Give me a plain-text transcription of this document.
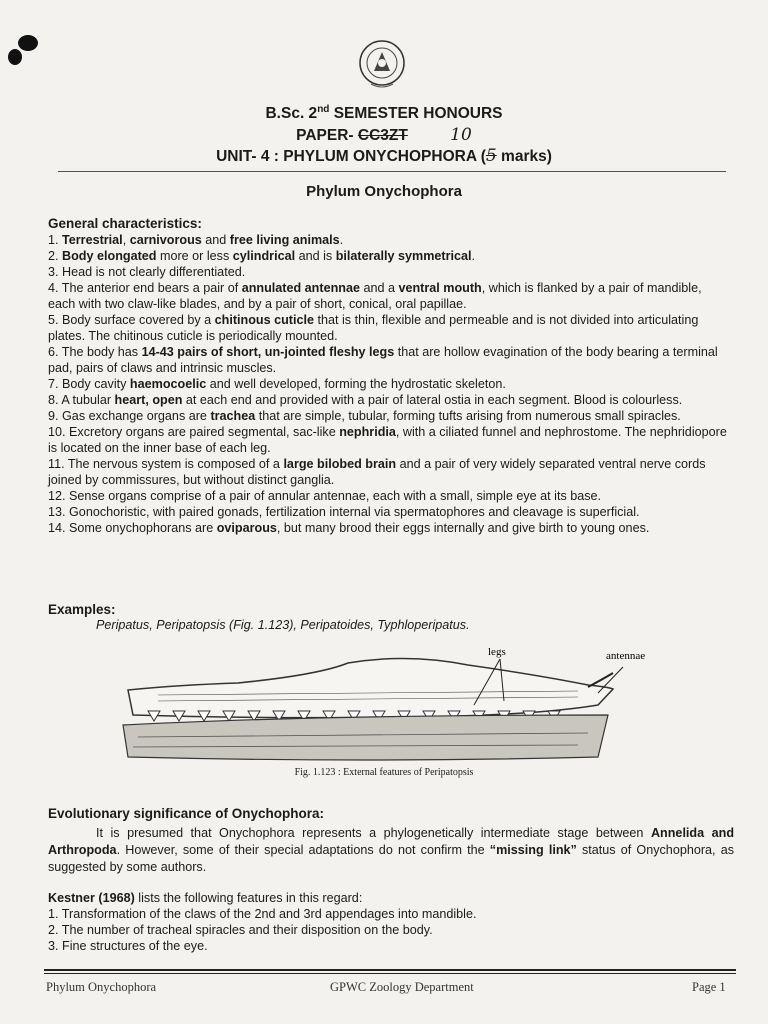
B.Sc. 2nd SEMESTER HONOURS
PAPER- CC3ZT 10
UNIT- 4 : PHYLUM ONYCHOPHORA (5 marks)
Phylum Onychophora
General characteristics:
1. Terrestrial, carnivorous and free living animals.
2. Body elongated more or less cylindrical and is bilaterally symmetrical.
3. Head is not clearly differentiated.
4. The anterior end bears a pair of annulated antennae and a ventral mouth, which is flanked by a pair of mandible, each with two claw-like blades, and by a pair of short, conical, oral papillae.
5. Body surface covered by a chitinous cuticle that is thin, flexible and permeable and is not divided into articulating plates. The chitinous cuticle is periodically mounted.
6. The body has 14-43 pairs of short, un-jointed fleshy legs that are hollow evagination of the body bearing a terminal pad, pairs of claws and intrinsic muscles.
7. Body cavity haemocoelic and well developed, forming the hydrostatic skeleton.
8. A tubular heart, open at each end and provided with a pair of lateral ostia in each segment. Blood is colourless.
9. Gas exchange organs are trachea that are simple, tubular, forming tufts arising from numerous small spiracles.
10. Excretory organs are paired segmental, sac-like nephridia, with a ciliated funnel and nephrostome. The nephridiopore is located on the inner base of each leg.
11. The nervous system is composed of a large bilobed brain and a pair of very widely separated ventral nerve cords joined by commissures, but without distinct ganglia.
12. Sense organs comprise of a pair of annular antennae, each with a small, simple eye at its base.
13. Gonochoristic, with paired gonads, fertilization internal via spermatophores and cleavage is superficial.
14. Some onychophorans are oviparous, but many brood their eggs internally and give birth to young ones.
Examples:
Peripatus, Peripatopsis (Fig. 1.123), Peripatoides, Typhloperipatus.
legs	antennae
Fig. 1.123 : External features of Peripatopsis
Evolutionary significance of Onychophora:
It is presumed that Onychophora represents a phylogenetically intermediate stage between Annelida and Arthropoda. However, some of their special adaptations do not confirm the “missing link” status of Onychophora, as suggested by some authors.
Kestner (1968) lists the following features in this regard:
1. Transformation of the claws of the 2nd and 3rd appendages into mandible.
2. The number of tracheal spiracles and their disposition on the body.
3. Fine structures of the eye.
Phylum Onychophora	GPWC Zoology Department	Page 1
